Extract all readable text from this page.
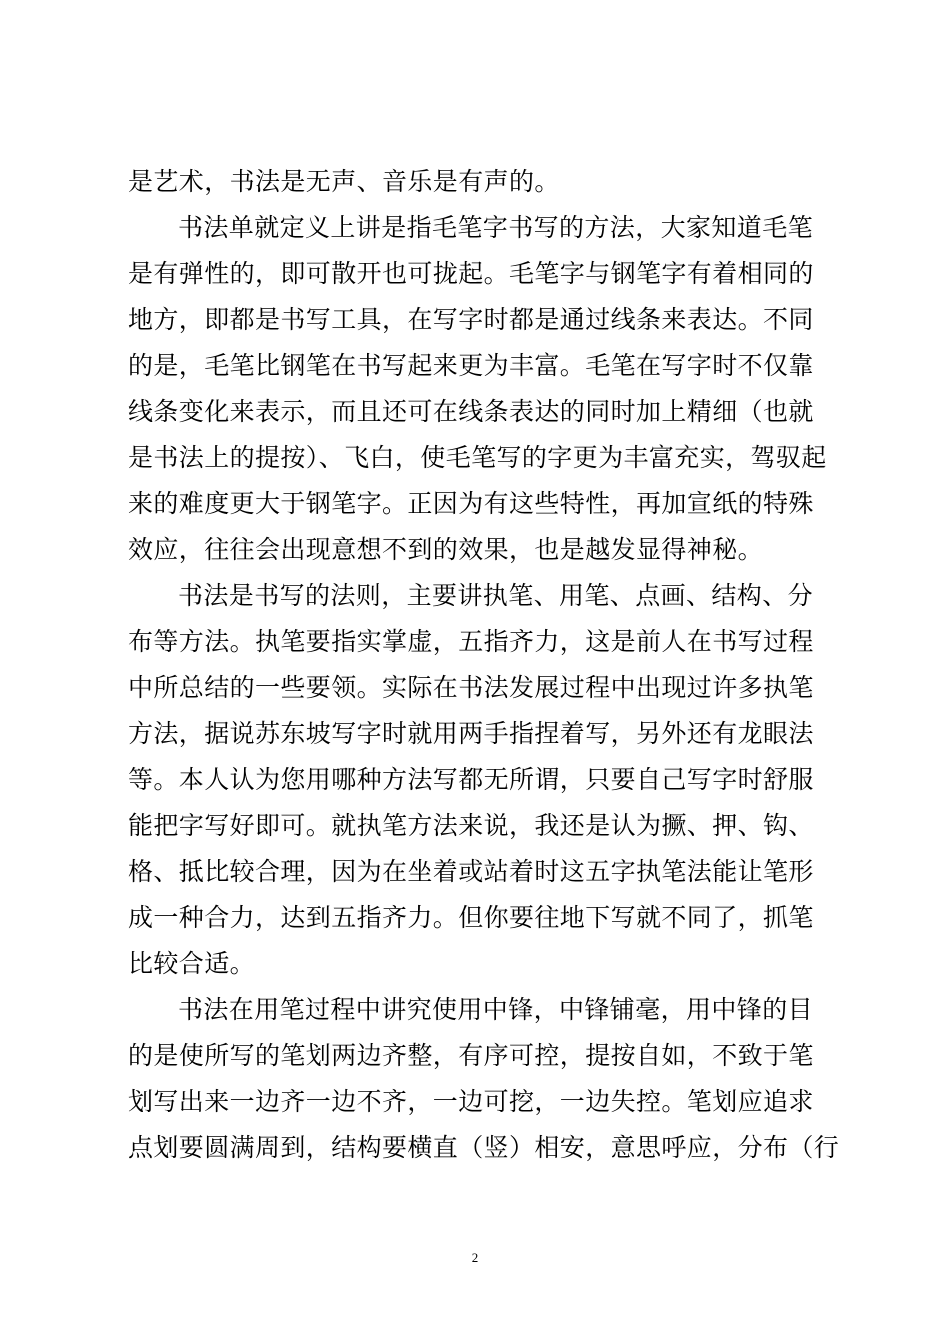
是艺术，书法是无声、音乐是有声的。
书法单就定义上讲是指毛笔字书写的方法，大家知道毛笔
是有弹性的，即可散开也可拢起。毛笔字与钢笔字有着相同的
地方，即都是书写工具，在写字时都是通过线条来表达。不同
的是，毛笔比钢笔在书写起来更为丰富。毛笔在写字时不仅靠
线条变化来表示，而且还可在线条表达的同时加上精细（也就
是书法上的提按）、飞白，使毛笔写的字更为丰富充实，驾驭起
来的难度更大于钢笔字。正因为有这些特性，再加宣纸的特殊
效应，往往会出现意想不到的效果，也是越发显得神秘。
书法是书写的法则，主要讲执笔、用笔、点画、结构、分
布等方法。执笔要指实掌虚，五指齐力，这是前人在书写过程
中所总结的一些要领。实际在书法发展过程中出现过许多执笔
方法，据说苏东坡写字时就用两手指捏着写，另外还有龙眼法
等。本人认为您用哪种方法写都无所谓，只要自己写字时舒服
能把字写好即可。就执笔方法来说，我还是认为撅、押、钩、
格、抵比较合理，因为在坐着或站着时这五字执笔法能让笔形
成一种合力，达到五指齐力。但你要往地下写就不同了，抓笔
比较合适。
书法在用笔过程中讲究使用中锋，中锋铺毫，用中锋的目
的是使所写的笔划两边齐整，有序可控，提按自如，不致于笔
划写出来一边齐一边不齐，一边可挖，一边失控。笔划应追求
点划要圆满周到，结构要横直（竖）相安，意思呼应，分布（行
2
